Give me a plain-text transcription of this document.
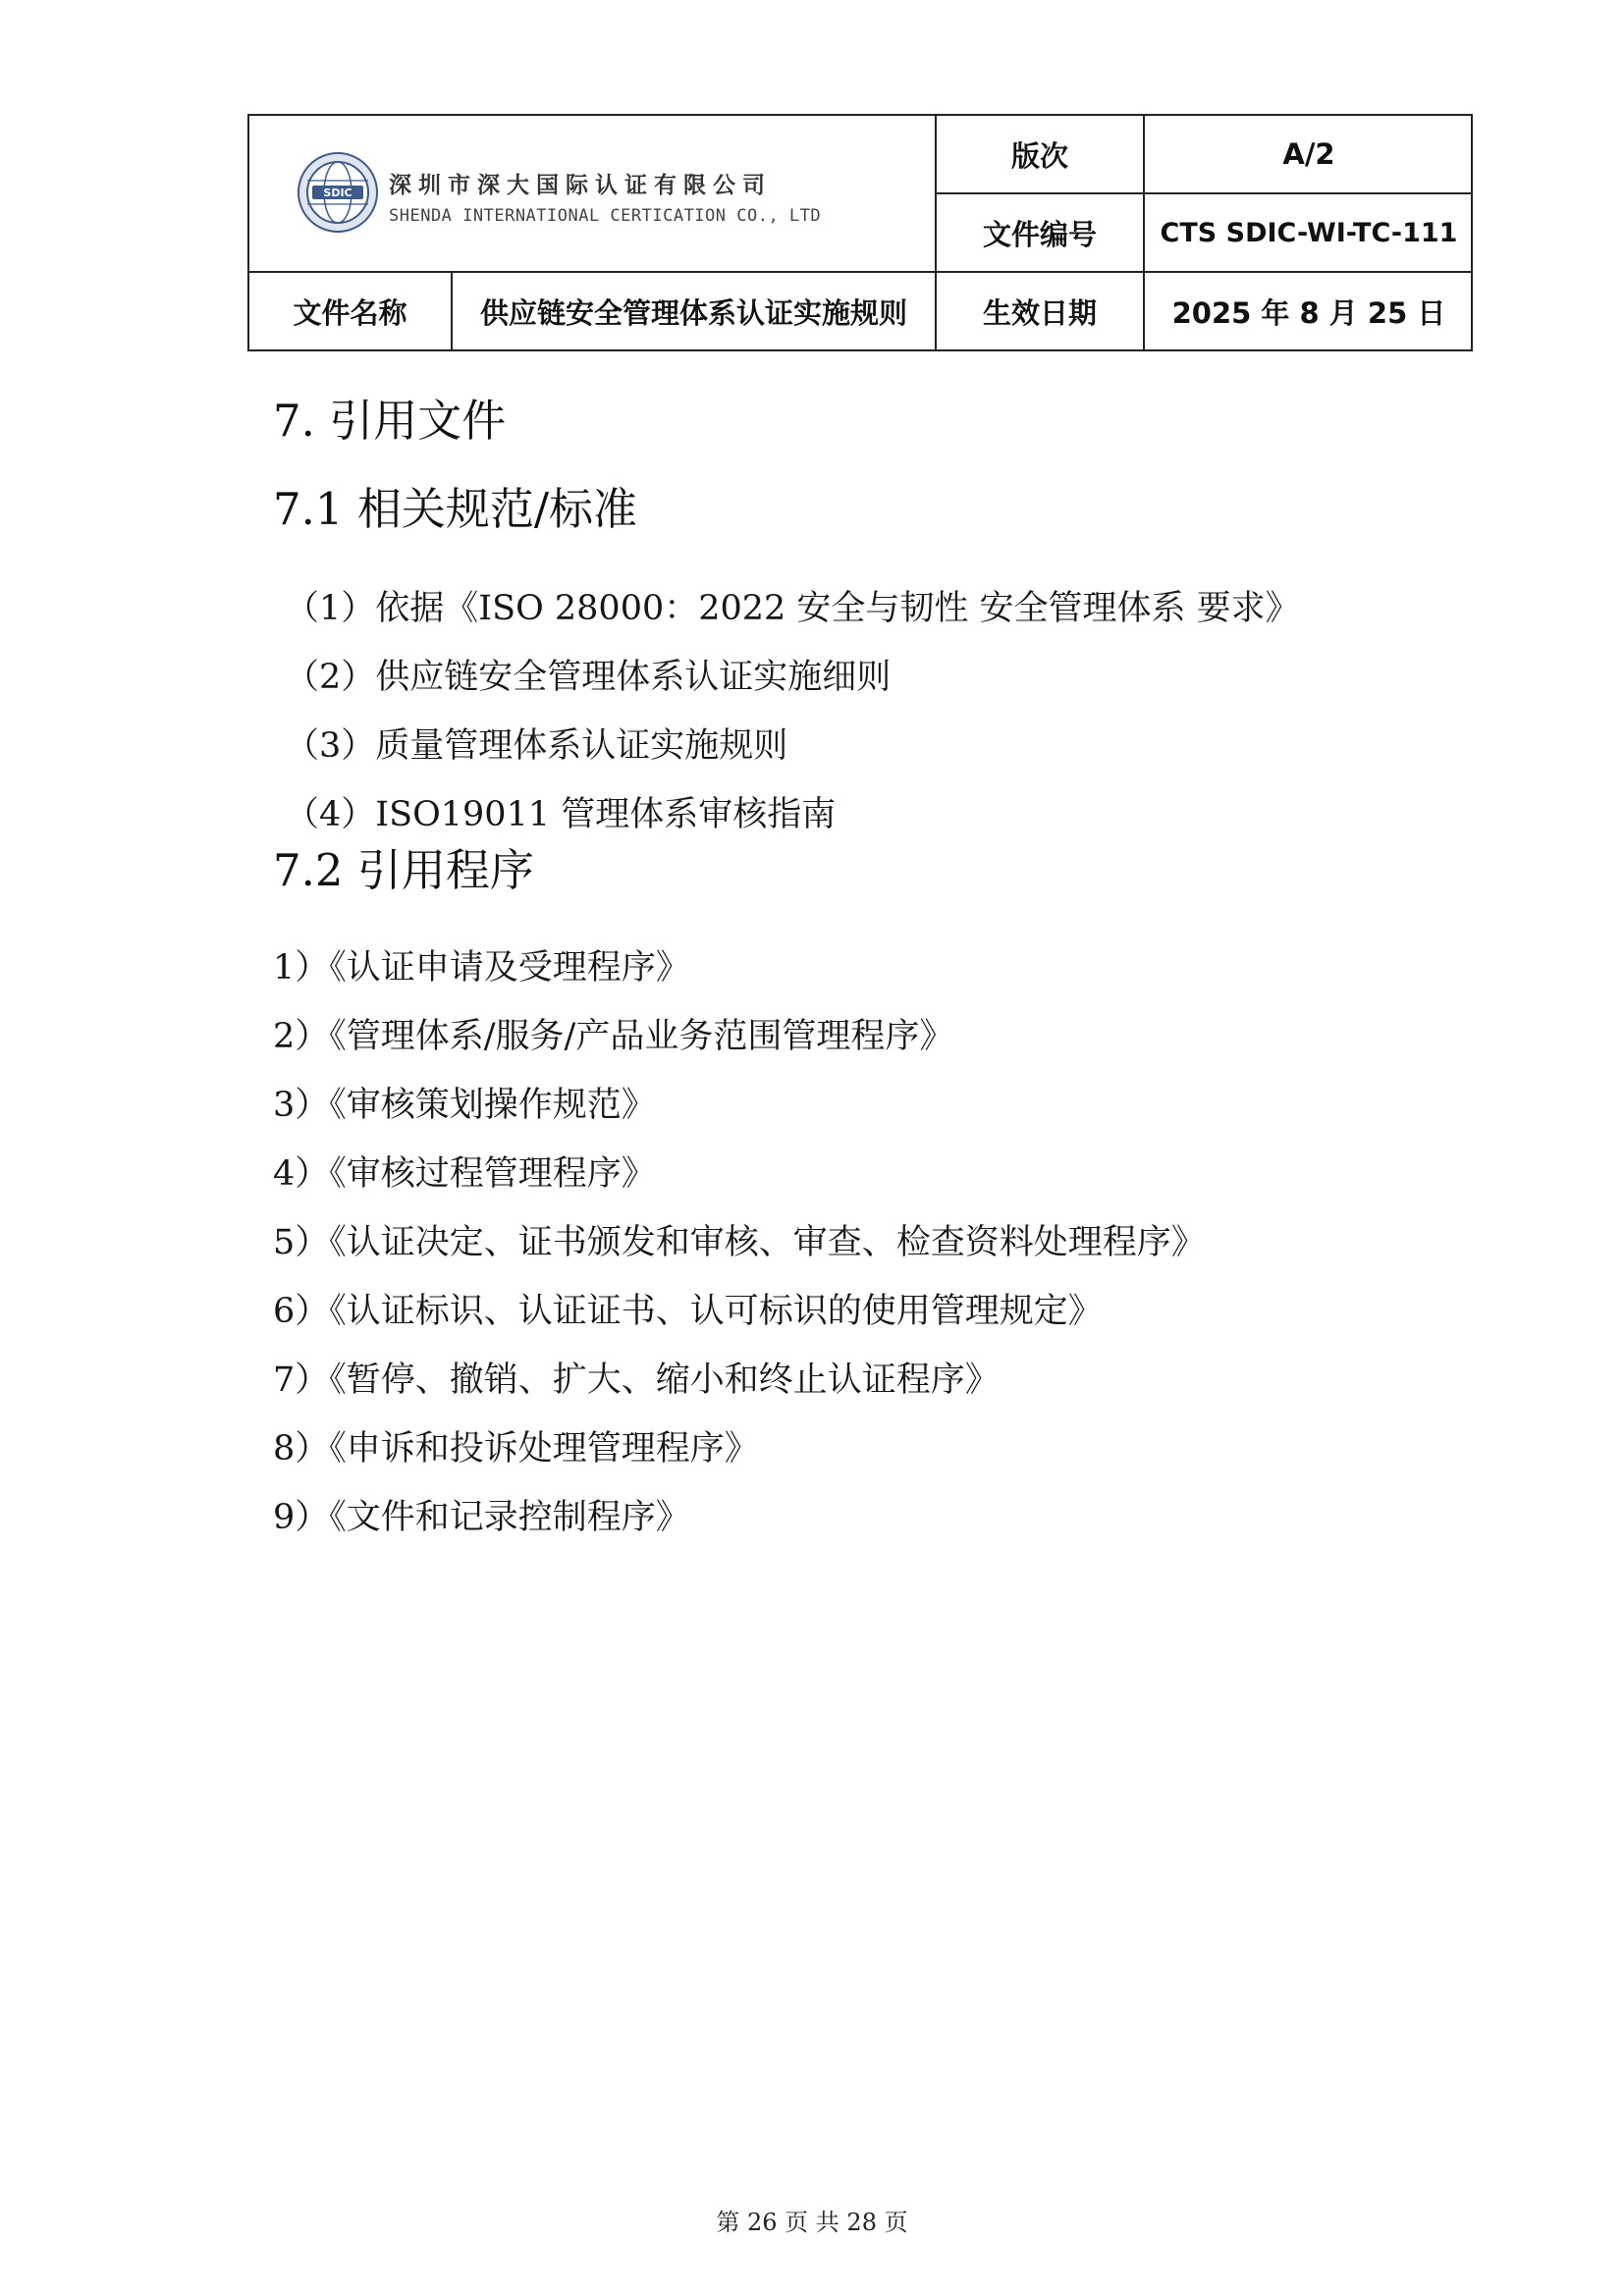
SDIC 深圳市深大国际认证有限公司
SHENDA INTERNATIONAL CERTICATION CO., LTD
版次	A/2
文件编号	CTS SDIC-WI-TC-111
文件名称	供应链安全管理体系认证实施规则	生效日期	2025 年 8 月 25 日
7. 引用文件
7.1 相关规范/标准
（1）依据《ISO 28000：2022 安全与韧性 安全管理体系 要求》
（2）供应链安全管理体系认证实施细则
（3）质量管理体系认证实施规则
（4）ISO19011 管理体系审核指南
7.2 引用程序
1）《认证申请及受理程序》
2）《管理体系/服务/产品业务范围管理程序》
3）《审核策划操作规范》
4）《审核过程管理程序》
5）《认证决定、证书颁发和审核、审查、检查资料处理程序》
6）《认证标识、认证证书、认可标识的使用管理规定》
7）《暂停、撤销、扩大、缩小和终止认证程序》
8）《申诉和投诉处理管理程序》
9）《文件和记录控制程序》
第 26 页 共 28 页
